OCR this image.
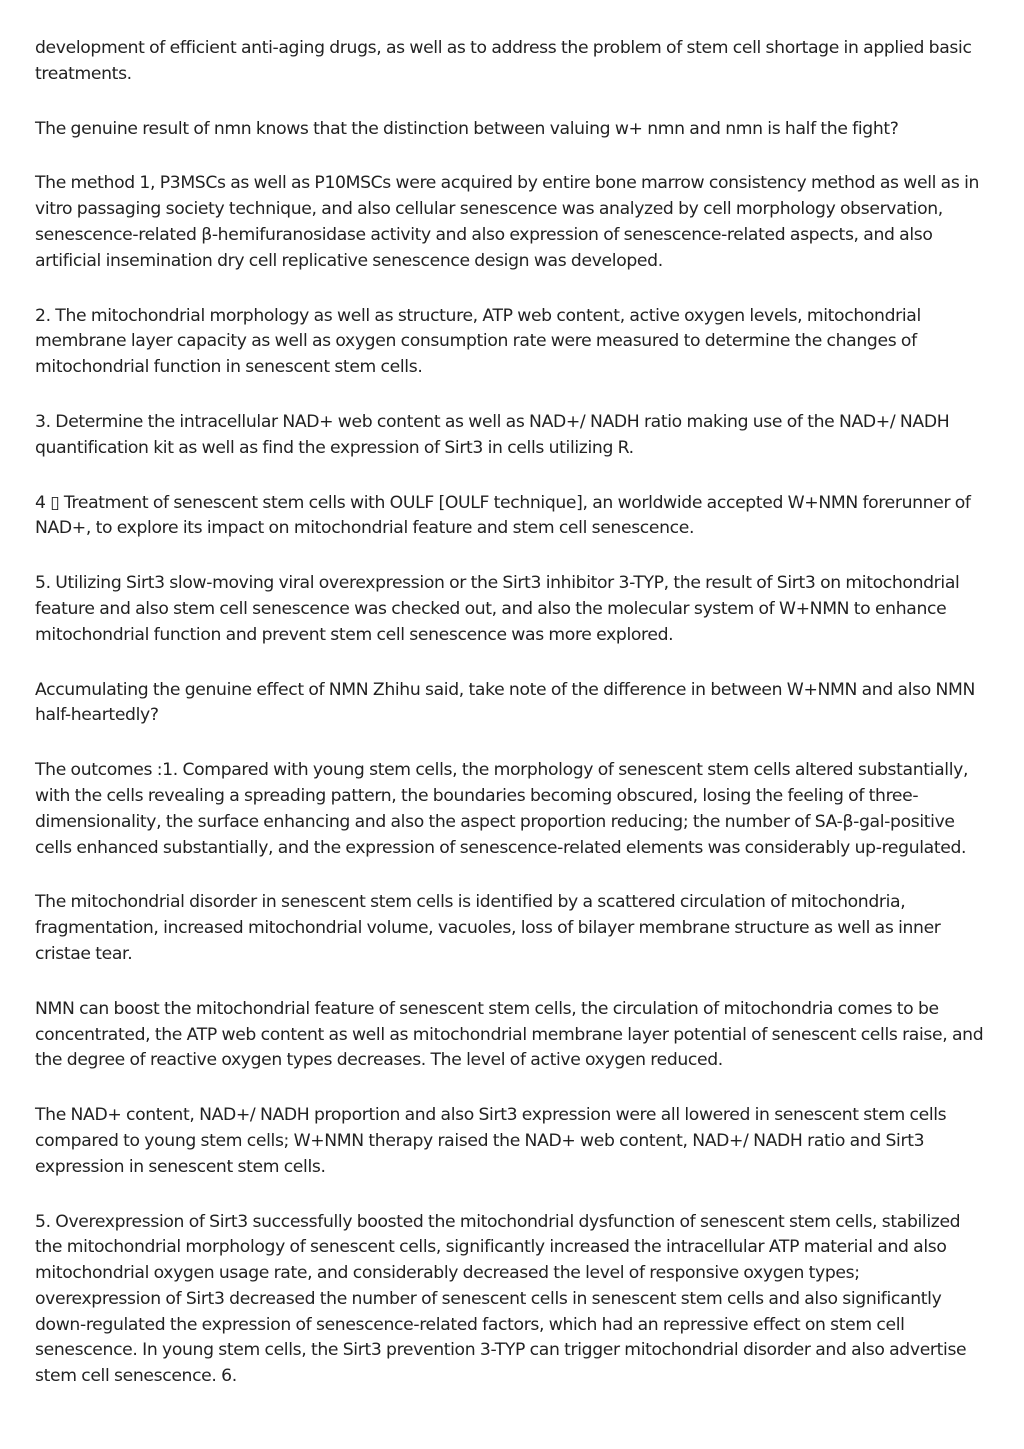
development of efficient anti-aging drugs, as well as to address the problem of stem cell shortage in applied basic treatments.

The genuine result of nmn knows that the distinction between valuing w+ nmn and nmn is half the fight?

The method 1, P3MSCs as well as P10MSCs were acquired by entire bone marrow consistency method as well as in vitro passaging society technique, and also cellular senescence was analyzed by cell morphology observation, senescence-related β-hemifuranosidase activity and also expression of senescence-related aspects, and also artificial insemination dry cell replicative senescence design was developed.

2. The mitochondrial morphology as well as structure, ATP web content, active oxygen levels, mitochondrial membrane layer capacity as well as oxygen consumption rate were measured to determine the changes of mitochondrial function in senescent stem cells.

3. Determine the intracellular NAD+ web content as well as NAD+/ NADH ratio making use of the NAD+/ NADH quantification kit as well as find the expression of Sirt3 in cells utilizing R.

4 ▯ Treatment of senescent stem cells with OULF [OULF technique], an worldwide accepted W+NMN forerunner of NAD+, to explore its impact on mitochondrial feature and stem cell senescence.

5. Utilizing Sirt3 slow-moving viral overexpression or the Sirt3 inhibitor 3-TYP, the result of Sirt3 on mitochondrial feature and also stem cell senescence was checked out, and also the molecular system of W+NMN to enhance mitochondrial function and prevent stem cell senescence was more explored.

Accumulating the genuine effect of NMN Zhihu said, take note of the difference in between W+NMN and also NMN half-heartedly?

The outcomes :1. Compared with young stem cells, the morphology of senescent stem cells altered substantially, with the cells revealing a spreading pattern, the boundaries becoming obscured, losing the feeling of three-dimensionality, the surface enhancing and also the aspect proportion reducing; the number of SA-β-gal-positive cells enhanced substantially, and the expression of senescence-related elements was considerably up-regulated.

The mitochondrial disorder in senescent stem cells is identified by a scattered circulation of mitochondria, fragmentation, increased mitochondrial volume, vacuoles, loss of bilayer membrane structure as well as inner cristae tear.

NMN can boost the mitochondrial feature of senescent stem cells, the circulation of mitochondria comes to be concentrated, the ATP web content as well as mitochondrial membrane layer potential of senescent cells raise, and the degree of reactive oxygen types decreases. The level of active oxygen reduced.

The NAD+ content, NAD+/ NADH proportion and also Sirt3 expression were all lowered in senescent stem cells compared to young stem cells; W+NMN therapy raised the NAD+ web content, NAD+/ NADH ratio and Sirt3 expression in senescent stem cells.

5. Overexpression of Sirt3 successfully boosted the mitochondrial dysfunction of senescent stem cells, stabilized the mitochondrial morphology of senescent cells, significantly increased the intracellular ATP material and also mitochondrial oxygen usage rate, and considerably decreased the level of responsive oxygen types; overexpression of Sirt3 decreased the number of senescent cells in senescent stem cells and also significantly down-regulated the expression of senescence-related factors, which had an repressive effect on stem cell senescence. In young stem cells, the Sirt3 prevention 3-TYP can trigger mitochondrial disorder and also advertise stem cell senescence. 6.
